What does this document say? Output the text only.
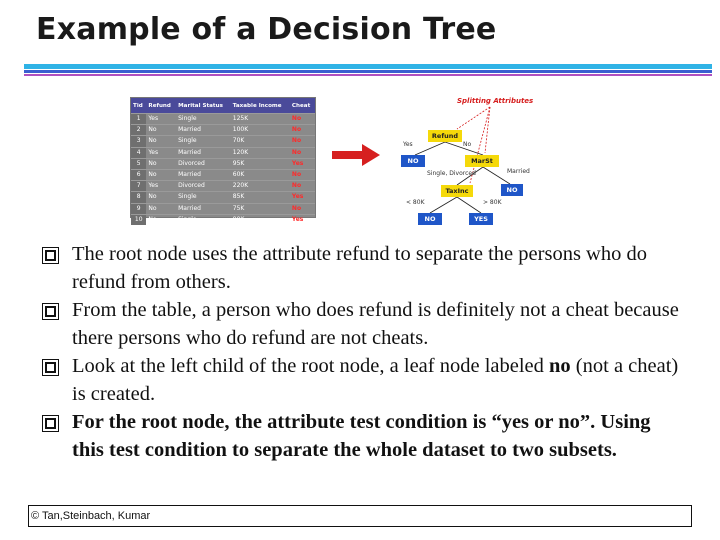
Example of a Decision Tree
Tid	Refund	Marital Status	Taxable Income	Cheat
1	Yes	Single	125K	No
2	No	Married	100K	No
3	No	Single	70K	No
4	Yes	Married	120K	No
5	No	Divorced	95K	Yes
6	No	Married	60K	No
7	Yes	Divorced	220K	No
8	No	Single	85K	Yes
9	No	Married	75K	No
10	No	Single	90K	Yes
Splitting Attributes
Refund
Yes	No
NO	MarSt
Single, Divorced	Married
NO
TaxInc
< 80K	> 80K
NO	YES

The root node uses the attribute refund to separate the persons who do refund from others.

From the table, a person who does refund is definitely not a cheat because there persons who do refund are not cheats.

Look at the left child of the root node, a leaf node labeled no (not a cheat) is created.

For the root node, the attribute test condition is “yes or no”. Using this test condition to separate the whole dataset to two subsets.

© Tan,Steinbach, Kumar
